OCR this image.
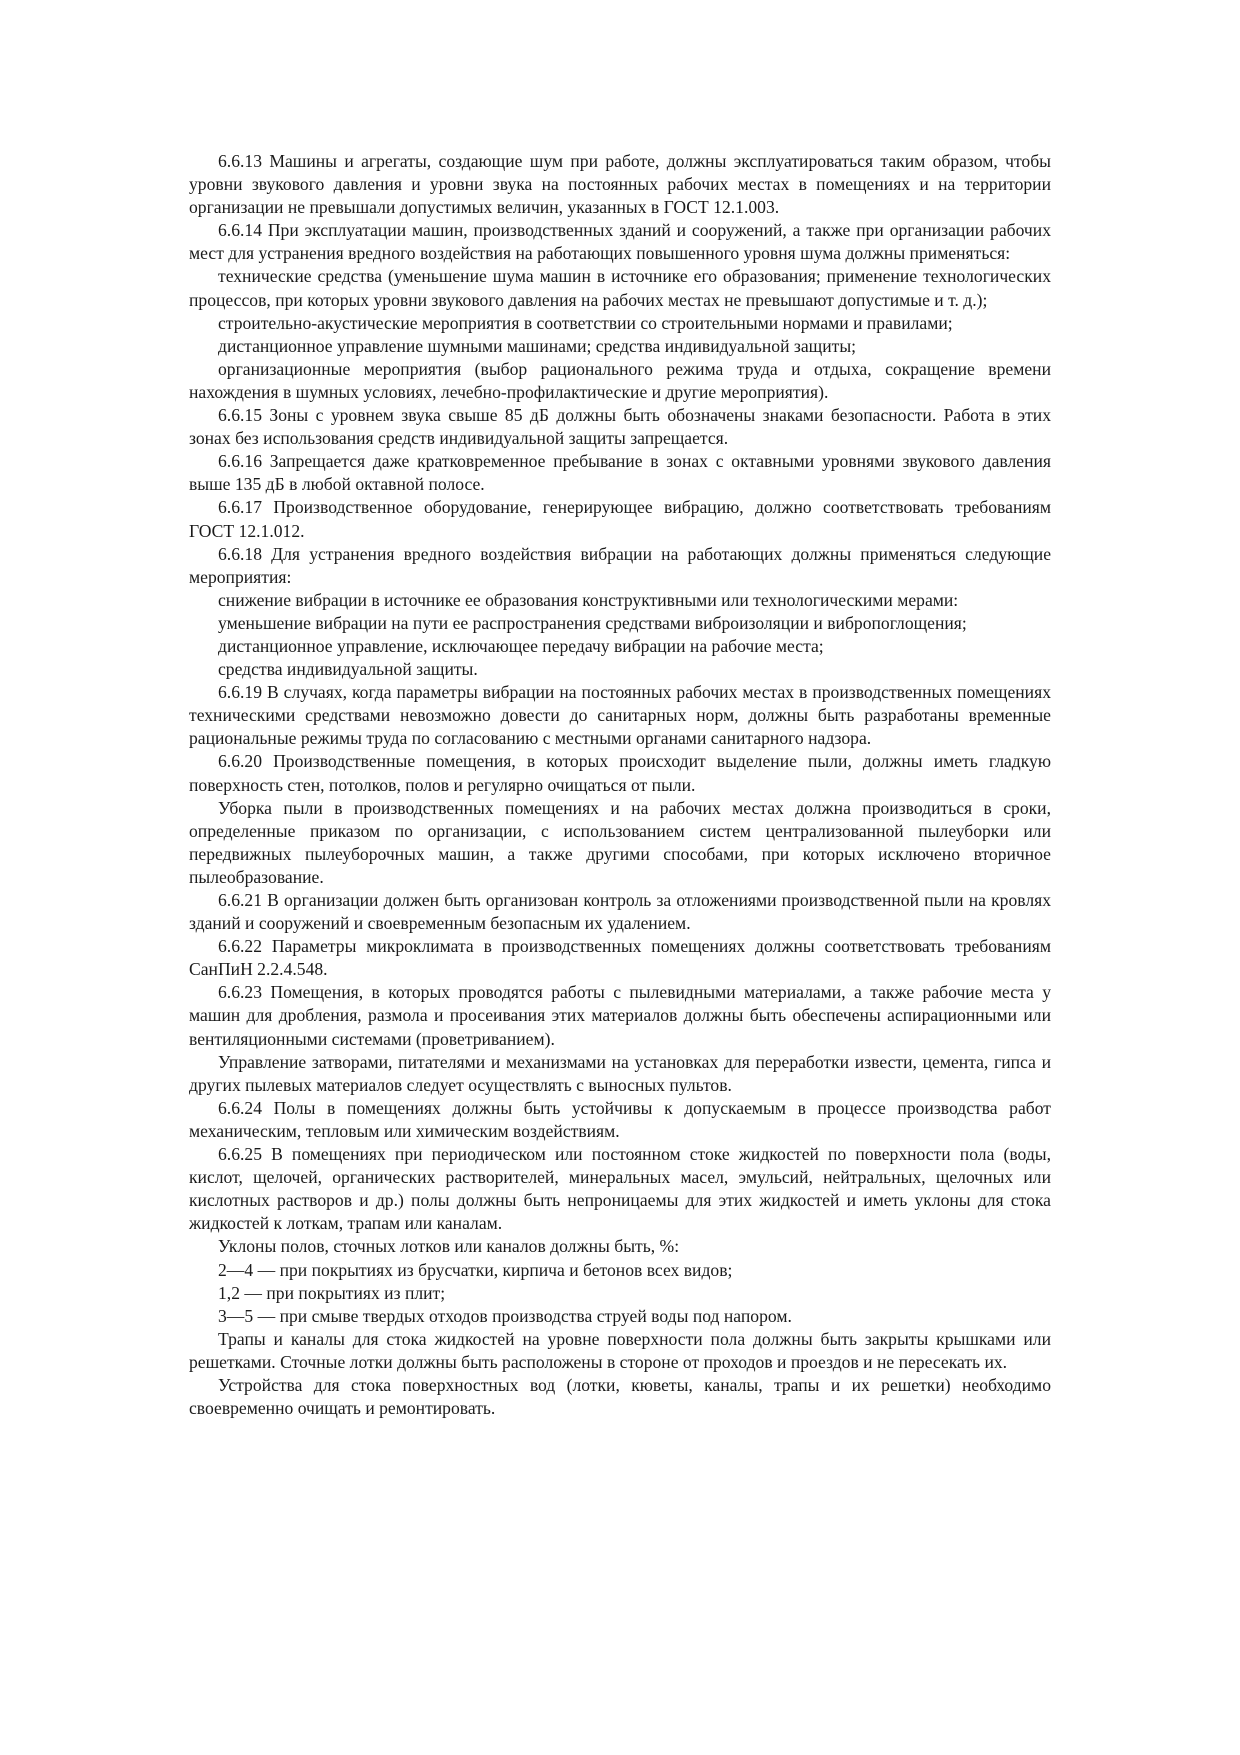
6.6.13 Машины и агрегаты, создающие шум при работе, должны эксплуатироваться таким образом, чтобы уровни звукового давления и уровни звука на постоянных рабочих местах в помещениях и на территории организации не превышали допустимых величин, указанных в ГОСТ 12.1.003.

6.6.14 При эксплуатации машин, производственных зданий и сооружений, а также при организации рабочих мест для устранения вредного воздействия на работающих повышенного уровня шума должны применяться:

технические средства (уменьшение шума машин в источнике его образования; применение технологических процессов, при которых уровни звукового давления на рабочих местах не превышают допустимые и т. д.);

строительно-акустические мероприятия в соответствии со строительными нормами и правилами;

дистанционное управление шумными машинами; средства индивидуальной защиты;

организационные мероприятия (выбор рационального режима труда и отдыха, сокращение времени нахождения в шумных условиях, лечебно-профилактические и другие мероприятия).

6.6.15 Зоны с уровнем звука свыше 85 дБ должны быть обозначены знаками безопасности. Работа в этих зонах без использования средств индивидуальной защиты запрещается.

6.6.16 Запрещается даже кратковременное пребывание в зонах с октавными уровнями звукового давления выше 135 дБ в любой октавной полосе.

6.6.17 Производственное оборудование, генерирующее вибрацию, должно соответствовать требованиям ГОСТ 12.1.012.

6.6.18 Для устранения вредного воздействия вибрации на работающих должны применяться следующие мероприятия:

снижение вибрации в источнике ее образования конструктивными или технологическими мерами:

уменьшение вибрации на пути ее распространения средствами виброизоляции и вибропоглощения;

дистанционное управление, исключающее передачу вибрации на рабочие места;

средства индивидуальной защиты.

6.6.19 В случаях, когда параметры вибрации на постоянных рабочих местах в производственных помещениях техническими средствами невозможно довести до санитарных норм, должны быть разработаны временные рациональные режимы труда по согласованию с местными органами санитарного надзора.

6.6.20 Производственные помещения, в которых происходит выделение пыли, должны иметь гладкую поверхность стен, потолков, полов и регулярно очищаться от пыли.

Уборка пыли в производственных помещениях и на рабочих местах должна производиться в сроки, определенные приказом по организации, с использованием систем централизованной пылеуборки или передвижных пылеуборочных машин, а также другими способами, при которых исключено вторичное пылеобразование.

6.6.21 В организации должен быть организован контроль за отложениями производственной пыли на кровлях зданий и сооружений и своевременным безопасным их удалением.

6.6.22 Параметры микроклимата в производственных помещениях должны соответствовать требованиям СанПиН 2.2.4.548.

6.6.23 Помещения, в которых проводятся работы с пылевидными материалами, а также рабочие места у машин для дробления, размола и просеивания этих материалов должны быть обеспечены аспирационными или вентиляционными системами (проветриванием).

Управление затворами, питателями и механизмами на установках для переработки извести, цемента, гипса и других пылевых материалов следует осуществлять с выносных пультов.

6.6.24 Полы в помещениях должны быть устойчивы к допускаемым в процессе производства работ механическим, тепловым или химическим воздействиям.

6.6.25 В помещениях при периодическом или постоянном стоке жидкостей по поверхности пола (воды, кислот, щелочей, органических растворителей, минеральных масел, эмульсий, нейтральных, щелочных или кислотных растворов и др.) полы должны быть непроницаемы для этих жидкостей и иметь уклоны для стока жидкостей к лоткам, трапам или каналам.

Уклоны полов, сточных лотков или каналов должны быть, %:

2—4 — при покрытиях из брусчатки, кирпича и бетонов всех видов;

1,2 — при покрытиях из плит;

3—5 — при смыве твердых отходов производства струей воды под напором.

Трапы и каналы для стока жидкостей на уровне поверхности пола должны быть закрыты крышками или решетками. Сточные лотки должны быть расположены в стороне от проходов и проездов и не пересекать их.

Устройства для стока поверхностных вод (лотки, кюветы, каналы, трапы и их решетки) необходимо своевременно очищать и ремонтировать.
